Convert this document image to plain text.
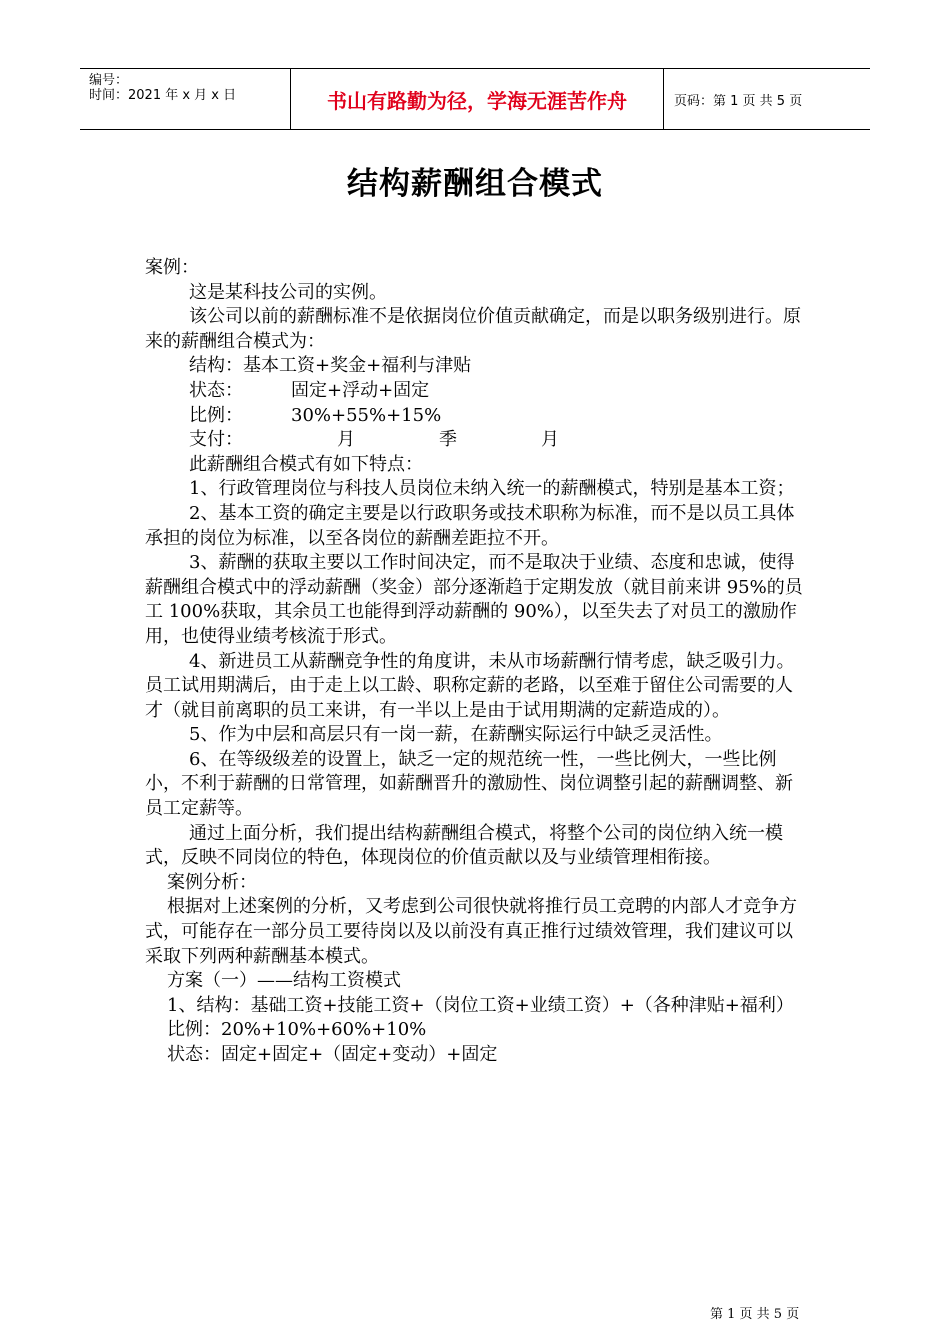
编号：
时间：2021 年 x 月 x 日	书山有路勤为径，学海无涯苦作舟	页码：第 1 页 共 5 页
结构薪酬组合模式

案例：

这是某科技公司的实例。

该公司以前的薪酬标准不是依据岗位价值贡献确定，而是以职务级别进行。原来的薪酬组合模式为：

结构：基本工资+奖金+福利与津贴

状态：	固定+浮动+固定
比例：	30%+55%+15%
支付：	月	季	月

此薪酬组合模式有如下特点：

1、行政管理岗位与科技人员岗位未纳入统一的薪酬模式，特别是基本工资；

2、基本工资的确定主要是以行政职务或技术职称为标准，而不是以员工具体承担的岗位为标准，以至各岗位的薪酬差距拉不开。

3、薪酬的获取主要以工作时间决定，而不是取决于业绩、态度和忠诚，使得薪酬组合模式中的浮动薪酬（奖金）部分逐渐趋于定期发放（就目前来讲 95%的员工 100%获取，其余员工也能得到浮动薪酬的 90%），以至失去了对员工的激励作用，也使得业绩考核流于形式。

4、新进员工从薪酬竞争性的角度讲，未从市场薪酬行情考虑，缺乏吸引力。员工试用期满后，由于走上以工龄、职称定薪的老路，以至难于留住公司需要的人才（就目前离职的员工来讲，有一半以上是由于试用期满的定薪造成的）。

5、作为中层和高层只有一岗一薪，在薪酬实际运行中缺乏灵活性。

6、在等级级差的设置上，缺乏一定的规范统一性，一些比例大，一些比例小，不利于薪酬的日常管理，如薪酬晋升的激励性、岗位调整引起的薪酬调整、新员工定薪等。

通过上面分析，我们提出结构薪酬组合模式，将整个公司的岗位纳入统一模式，反映不同岗位的特色，体现岗位的价值贡献以及与业绩管理相衔接。

案例分析：

根据对上述案例的分析，又考虑到公司很快就将推行员工竞聘的内部人才竞争方式，可能存在一部分员工要待岗以及以前没有真正推行过绩效管理，我们建议可以采取下列两种薪酬基本模式。

方案（一）——结构工资模式

1、结构：基础工资+技能工资+（岗位工资+业绩工资）+（各种津贴+福利）

比例：20%+10%+60%+10%

状态：固定+固定+（固定+变动）+固定

第 1 页 共 5 页
